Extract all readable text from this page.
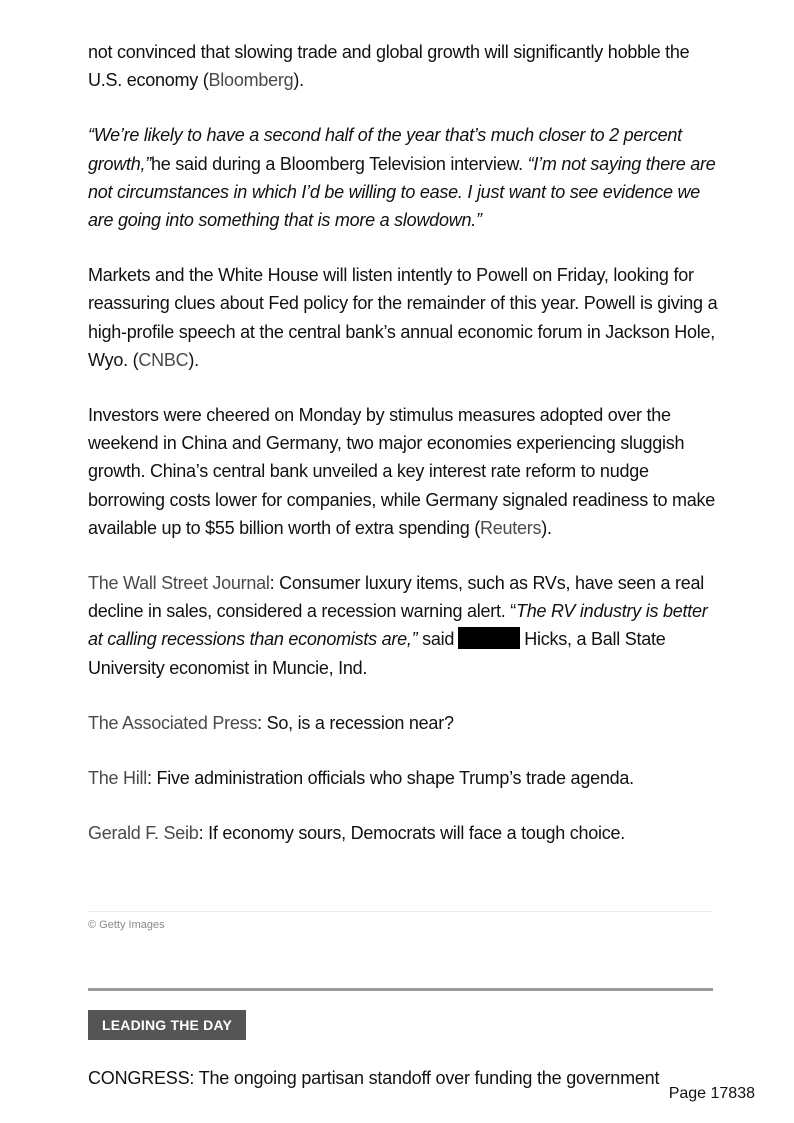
not convinced that slowing trade and global growth will significantly hobble the U.S. economy (Bloomberg).

“We’re likely to have a second half of the year that’s much closer to 2 percent growth,”he said during a Bloomberg Television interview. “I’m not saying there are not circumstances in which I’d be willing to ease. I just want to see evidence we are going into something that is more a slowdown.”

Markets and the White House will listen intently to Powell on Friday, looking for reassuring clues about Fed policy for the remainder of this year. Powell is giving a high-profile speech at the central bank’s annual economic forum in Jackson Hole, Wyo. (CNBC).

Investors were cheered on Monday by stimulus measures adopted over the weekend in China and Germany, two major economies experiencing sluggish growth. China’s central bank unveiled a key interest rate reform to nudge borrowing costs lower for companies, while Germany signaled readiness to make available up to $55 billion worth of extra spending (Reuters).

The Wall Street Journal: Consumer luxury items, such as RVs, have seen a real decline in sales, considered a recession warning alert. “The RV industry is better at calling recessions than economists are,” said	Hicks, a Ball State University economist in Muncie, Ind.

The Associated Press: So, is a recession near?

The Hill: Five administration officials who shape Trump’s trade agenda.

Gerald F. Seib: If economy sours, Democrats will face a tough choice.

© Getty Images
LEADING THE DAY
CONGRESS: The ongoing partisan standoff over funding the government
Page 17838
